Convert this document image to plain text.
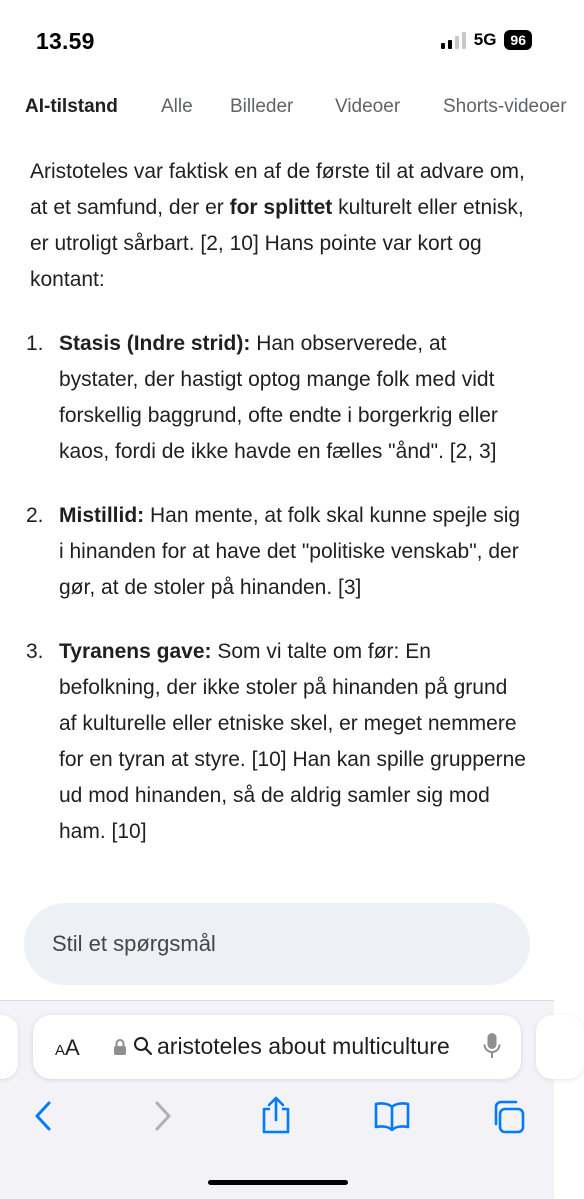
13.59	5G	96
AI-tilstand Alle Billeder Videoer Shorts-videoer

Aristoteles var faktisk en af de første til at advare om, at et samfund, der er for splittet kulturelt eller etnisk, er utroligt sårbart. [2, 10] Hans pointe var kort og kontant:

1. Stasis (Indre strid): Han observerede, at bystater, der hastigt optog mange folk med vidt forskellig baggrund, ofte endte i borgerkrig eller kaos, fordi de ikke havde en fælles "ånd". [2, 3]
2. Mistillid: Han mente, at folk skal kunne spejle sig i hinanden for at have det "politiske venskab", der gør, at de stoler på hinanden. [3]
3. Tyranens gave: Som vi talte om før: En befolkning, der ikke stoler på hinanden på grund af kulturelle eller etniske skel, er meget nemmere for en tyran at styre. [10] Han kan spille grupperne ud mod hinanden, så de aldrig samler sig mod ham. [10]
Stil et spørgsmål
AA	aristoteles about multiculture
